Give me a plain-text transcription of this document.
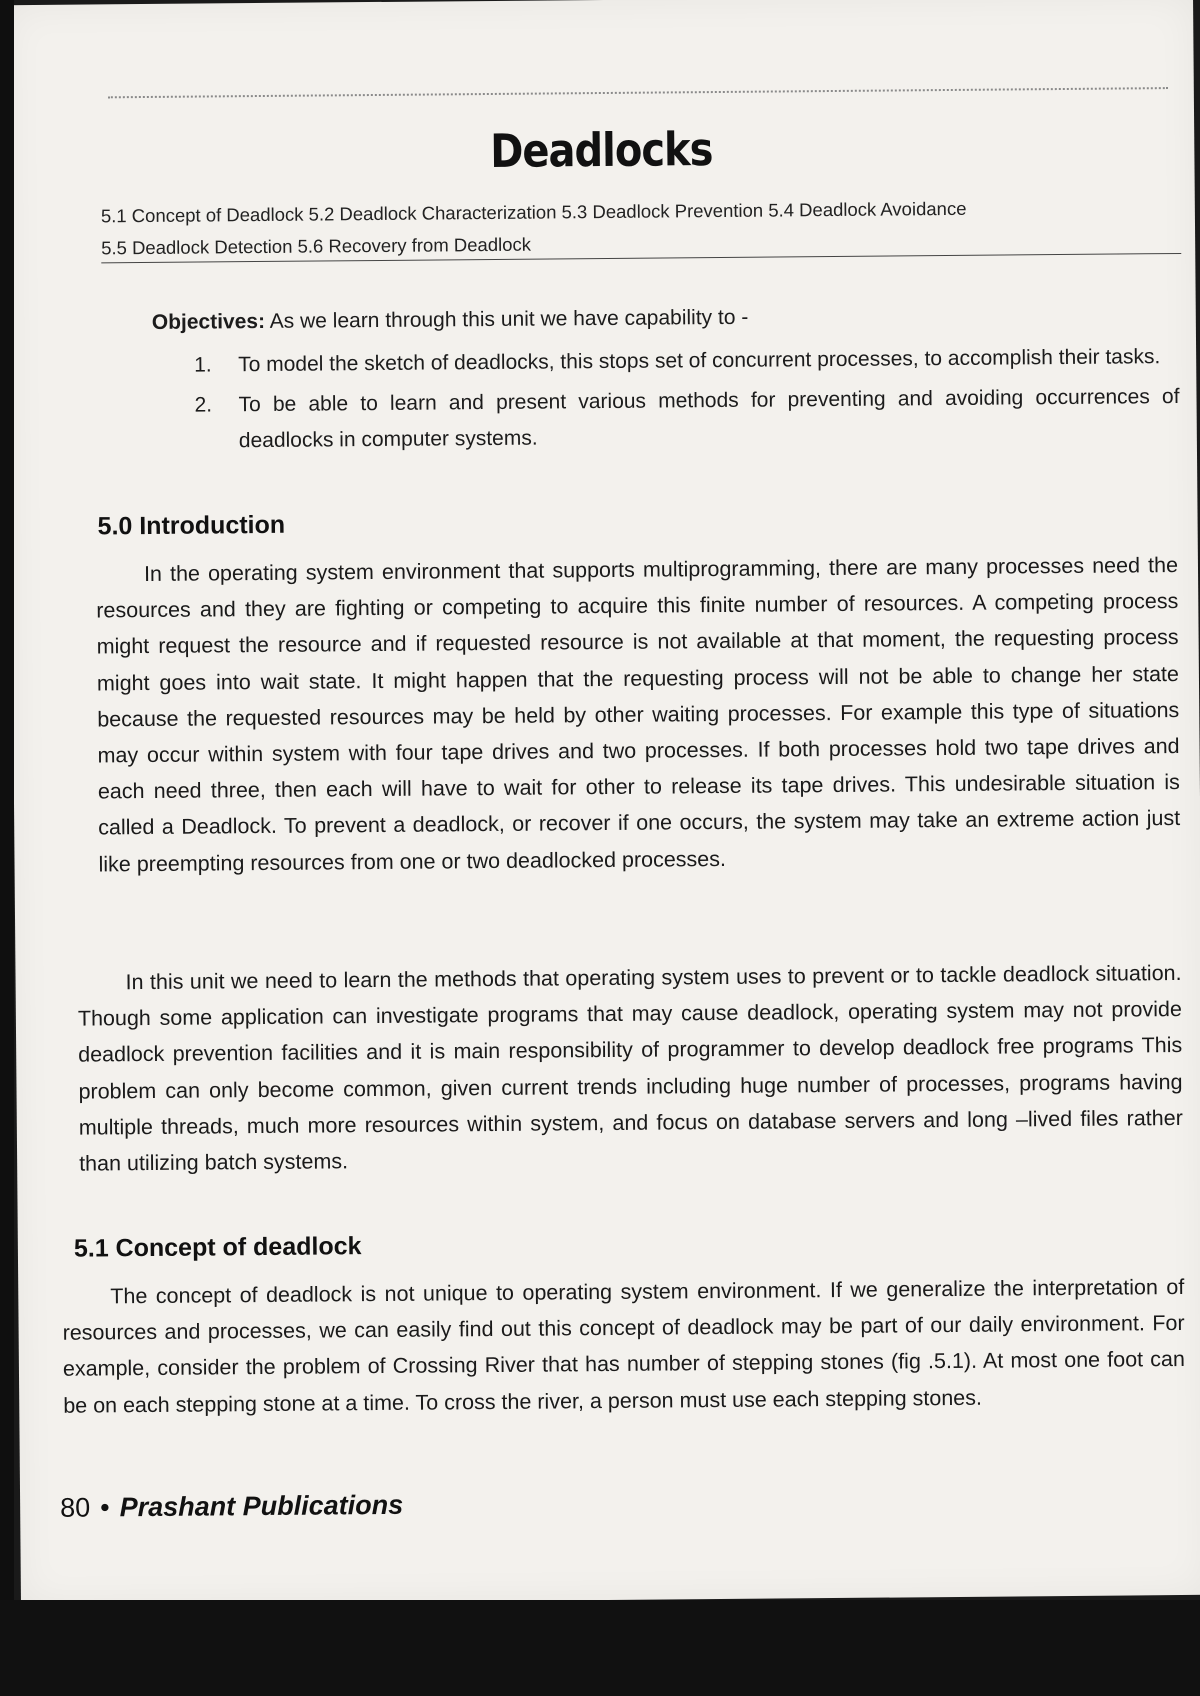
Deadlocks
5.1 Concept of Deadlock 5.2 Deadlock Characterization 5.3 Deadlock Prevention 5.4 Deadlock Avoidance
5.5 Deadlock Detection 5.6 Recovery from Deadlock
Objectives: As we learn through this unit we have capability to -
1. To model the sketch of deadlocks, this stops set of concurrent processes, to accomplish their tasks.
2. To be able to learn and present various methods for preventing and avoiding occurrences of deadlocks in computer systems.
5.0 Introduction
In the operating system environment that supports multiprogramming, there are many processes need the resources and they are fighting or competing to acquire this finite number of resources. A competing process might request the resource and if requested resource is not available at that moment, the requesting process might goes into wait state. It might happen that the requesting process will not be able to change her state because the requested resources may be held by other waiting processes. For example this type of situations may occur within system with four tape drives and two processes. If both processes hold two tape drives and each need three, then each will have to wait for other to release its tape drives. This undesirable situation is called a Deadlock. To prevent a deadlock, or recover if one occurs, the system may take an extreme action just like preempting resources from one or two deadlocked processes.
In this unit we need to learn the methods that operating system uses to prevent or to tackle deadlock situation. Though some application can investigate programs that may cause deadlock, operating system may not provide deadlock prevention facilities and it is main responsibility of programmer to develop deadlock free programs This problem can only become common, given current trends including huge number of processes, programs having multiple threads, much more resources within system, and focus on database servers and long –lived files rather than utilizing batch systems.
5.1 Concept of deadlock
The concept of deadlock is not unique to operating system environment. If we generalize the interpretation of resources and processes, we can easily find out this concept of deadlock may be part of our daily environment. For example, consider the problem of Crossing River that has number of stepping stones (fig .5.1). At most one foot can be on each stepping stone at a time. To cross the river, a person must use each stepping stones.
80 • Prashant Publications
